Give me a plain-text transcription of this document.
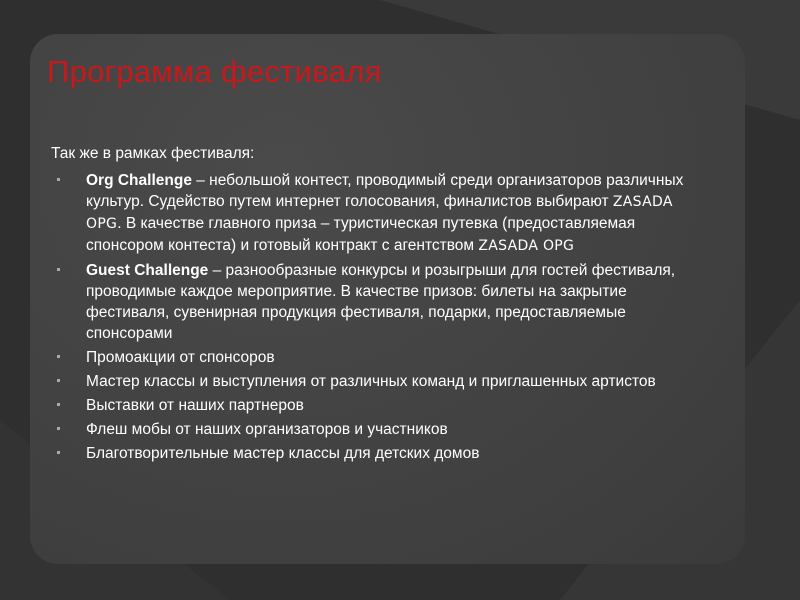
Программа фестиваля

Так же в рамках фестиваля:

Org Challenge – небольшой контест, проводимый среди организаторов различных культур. Судейство путем интернет голосования, финалистов выбирают ZASADA OPG. В качестве главного приза – туристическая путевка (предоставляемая спонсором контеста) и готовый контракт с агентством ZASADA OPG
Guest Challenge – разнообразные конкурсы и розыгрыши для гостей фестиваля, проводимые каждое мероприятие. В качестве призов: билеты на закрытие фестиваля, сувенирная продукция фестиваля, подарки, предоставляемые спонсорами
Промоакции от спонсоров
Мастер классы и выступления от различных команд и приглашенных артистов
Выставки от наших партнеров
Флеш мобы от наших организаторов и участников
Благотворительные мастер классы для детских домов
